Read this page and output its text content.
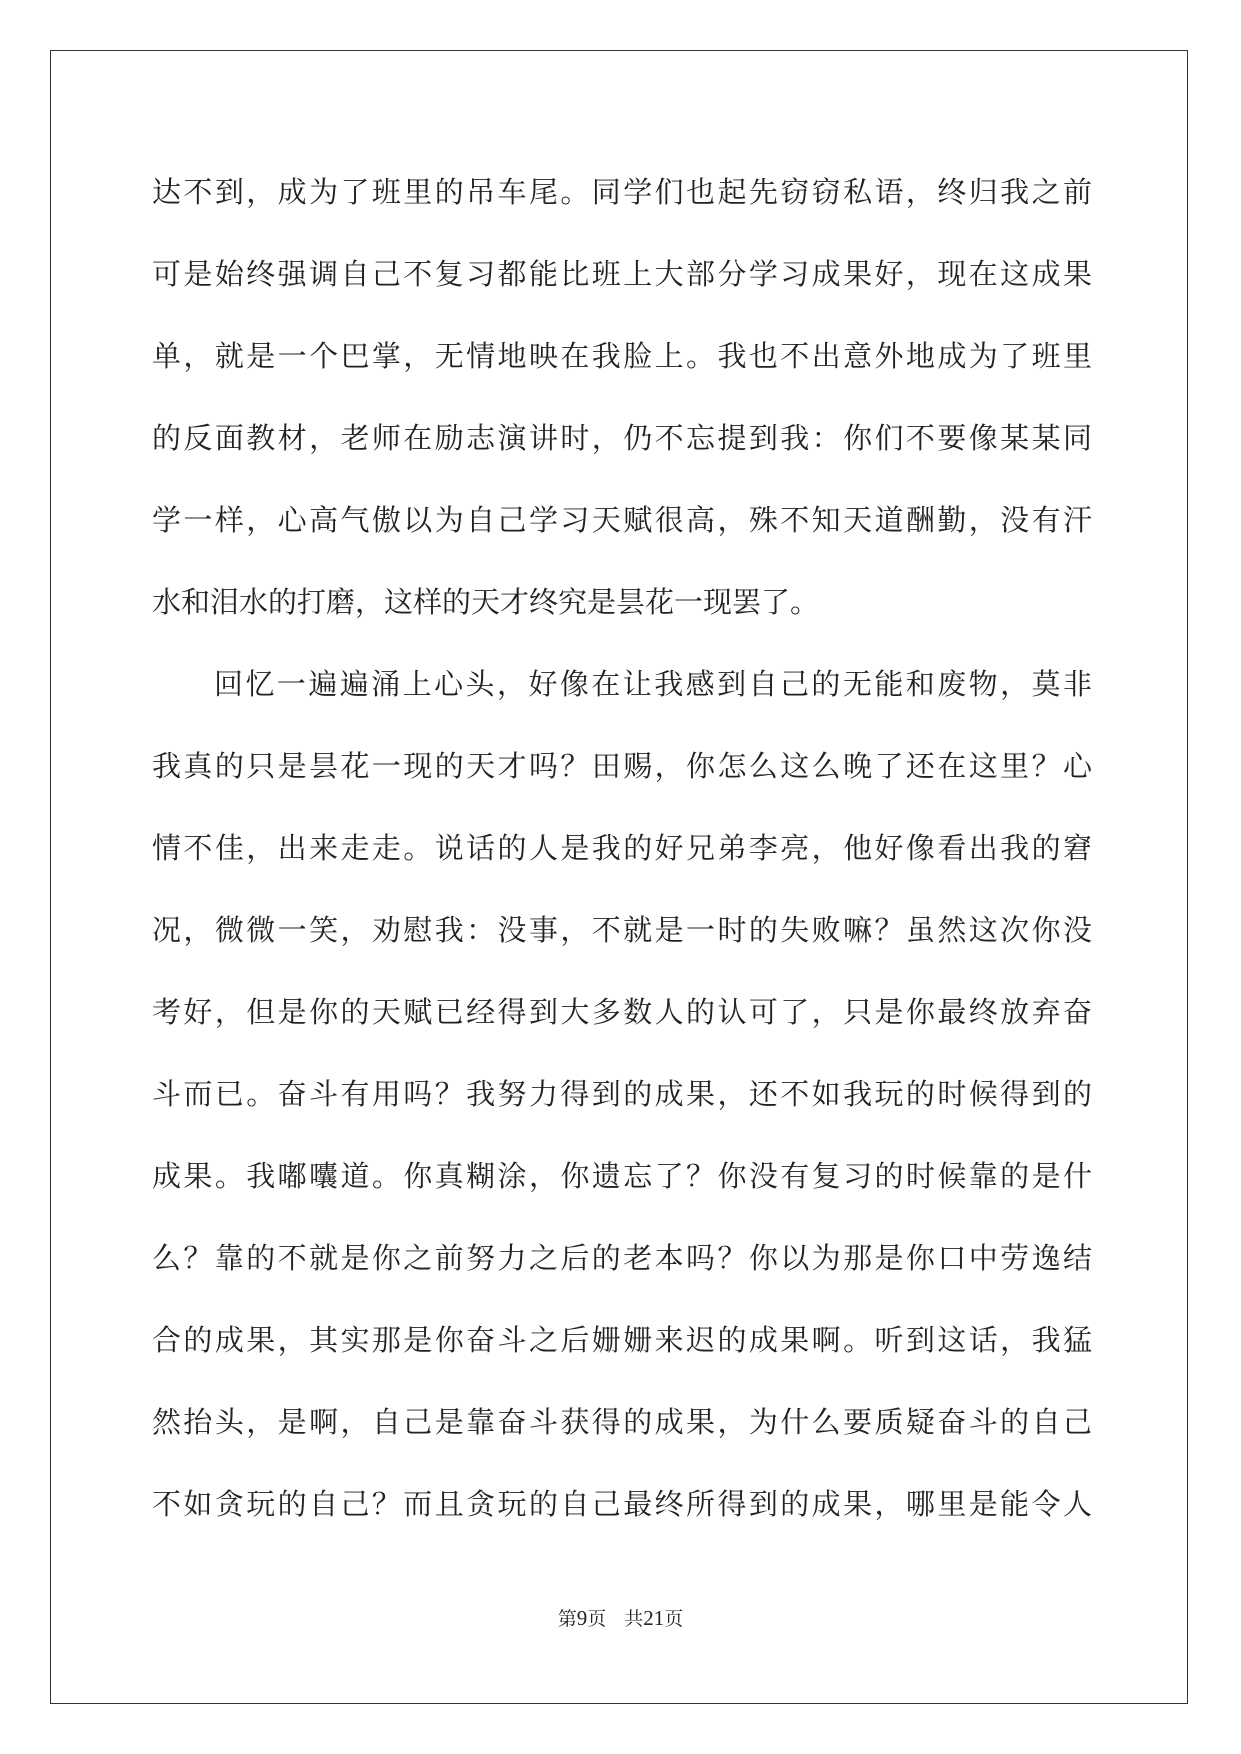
达不到，成为了班里的吊车尾。同学们也起先窃窃私语，终归我之前
可是始终强调自己不复习都能比班上大部分学习成果好，现在这成果
单，就是一个巴掌，无情地映在我脸上。我也不出意外地成为了班里
的反面教材，老师在励志演讲时，仍不忘提到我：你们不要像某某同
学一样，心高气傲以为自己学习天赋很高，殊不知天道酬勤，没有汗
水和泪水的打磨，这样的天才终究是昙花一现罢了。
回忆一遍遍涌上心头，好像在让我感到自己的无能和废物，莫非
我真的只是昙花一现的天才吗？田赐，你怎么这么晚了还在这里？心
情不佳，出来走走。说话的人是我的好兄弟李亮，他好像看出我的窘
况，微微一笑，劝慰我：没事，不就是一时的失败嘛？虽然这次你没
考好，但是你的天赋已经得到大多数人的认可了，只是你最终放弃奋
斗而已。奋斗有用吗？我努力得到的成果，还不如我玩的时候得到的
成果。我嘟囔道。你真糊涂，你遗忘了？你没有复习的时候靠的是什
么？靠的不就是你之前努力之后的老本吗？你以为那是你口中劳逸结
合的成果，其实那是你奋斗之后姗姗来迟的成果啊。听到这话，我猛
然抬头，是啊，自己是靠奋斗获得的成果，为什么要质疑奋斗的自己
不如贪玩的自己？而且贪玩的自己最终所得到的成果，哪里是能令人
第9页 共21页
